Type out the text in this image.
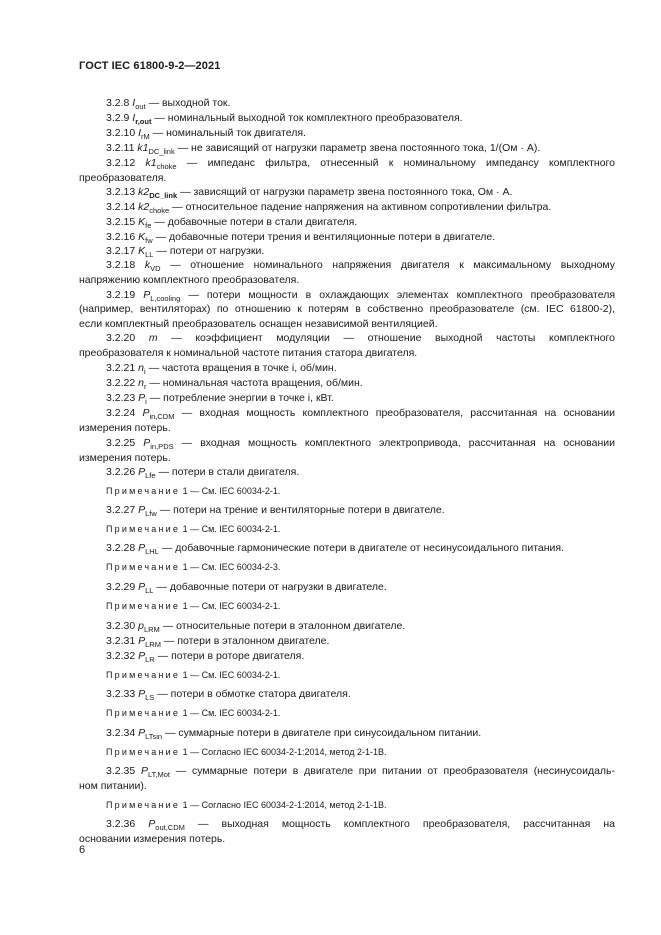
ГОСТ IEC 61800-9-2—2021
3.2.8 $I_{out}$ — выходной ток.
3.2.9 $I_{r,out}$ — номинальный выходной ток комплектного преобразователя.
3.2.10 $I_{rM}$ — номинальный ток двигателя.
3.2.11 $k1_{DC\_link}$ — не зависящий от нагрузки параметр звена постоянного тока, 1/(Ом · А).
3.2.12 $k1_{choke}$ — импеданс фильтра, отнесенный к номинальному импедансу комплектного
преобразователя.
3.2.13 $k2_{DC\_link}$ — зависящий от нагрузки параметр звена постоянного тока, Ом · А.
3.2.14 $k2_{choke}$ — относительное падение напряжения на активном сопротивлении фильтра.
3.2.15 $K_{fe}$ — добавочные потери в стали двигателя.
3.2.16 $K_{fw}$ — добавочные потери трения и вентиляционные потери в двигателе.
3.2.17 $K_{LL}$ — потери от нагрузки.
3.2.18 $k_{VD}$ — отношение номинального напряжения двигателя к максимальному выходному
напряжению комплектного преобразователя.
3.2.19 $P_{L,cooling}$ — потери мощности в охлаждающих элементах комплектного преобразователя
(например, вентиляторах) по отношению к потерям в собственно преобразователе (см. IEC 61800-2),
если комплектный преобразователь оснащен независимой вентиляцией.
3.2.20 m — коэффициент модуляции — отношение выходной частоты комплектного
преобразователя к номинальной частоте питания статора двигателя.
3.2.21 $n_i$ — частота вращения в точке i, об/мин.
3.2.22 $n_r$ — номинальная частота вращения, об/мин.
3.2.23 $P_i$ — потребление энергии в точке i, кВт.
3.2.24 $P_{in,CDM}$ — входная мощность комплектного преобразователя, рассчитанная на основании
измерения потерь.
3.2.25 $P_{in,PDS}$ — входная мощность комплектного электропривода, рассчитанная на основании
измерения потерь.
3.2.26 $P_{Lfe}$ — потери в стали двигателя.
Примечание 1 — См. IEC 60034-2-1.
3.2.27 $P_{Lfw}$ — потери на трение и вентиляторные потери в двигателе.
Примечание 1 — См. IEC 60034-2-1.
3.2.28 $P_{LHL}$ — добавочные гармонические потери в двигателе от несинусоидального питания.
Примечание 1 — См. IEC 60034-2-3.
3.2.29 $P_{LL}$ — добавочные потери от нагрузки в двигателе.
Примечание 1 — См. IEC 60034-2-1.
3.2.30 $p_{LRM}$ — относительные потери в эталонном двигателе.
3.2.31 $P_{LRM}$ — потери в эталонном двигателе.
3.2.32 $P_{LR}$ — потери в роторе двигателя.
Примечание 1 — См. IEC 60034-2-1.
3.2.33 $P_{LS}$ — потери в обмотке статора двигателя.
Примечание 1 — См. IEC 60034-2-1.
3.2.34 $P_{LTsin}$ — суммарные потери в двигателе при синусоидальном питании.
Примечание 1 — Согласно IEC 60034-2-1:2014, метод 2-1-1В.
3.2.35 $P_{LT,Mot}$ — суммарные потери в двигателе при питании от преобразователя (несинусоидаль-
ном питании).
Примечание 1 — Согласно IEC 60034-2-1:2014, метод 2-1-1В.
3.2.36 $P_{out,CDM}$ — выходная мощность комплектного преобразователя, рассчитанная на
основании измерения потерь.
6
